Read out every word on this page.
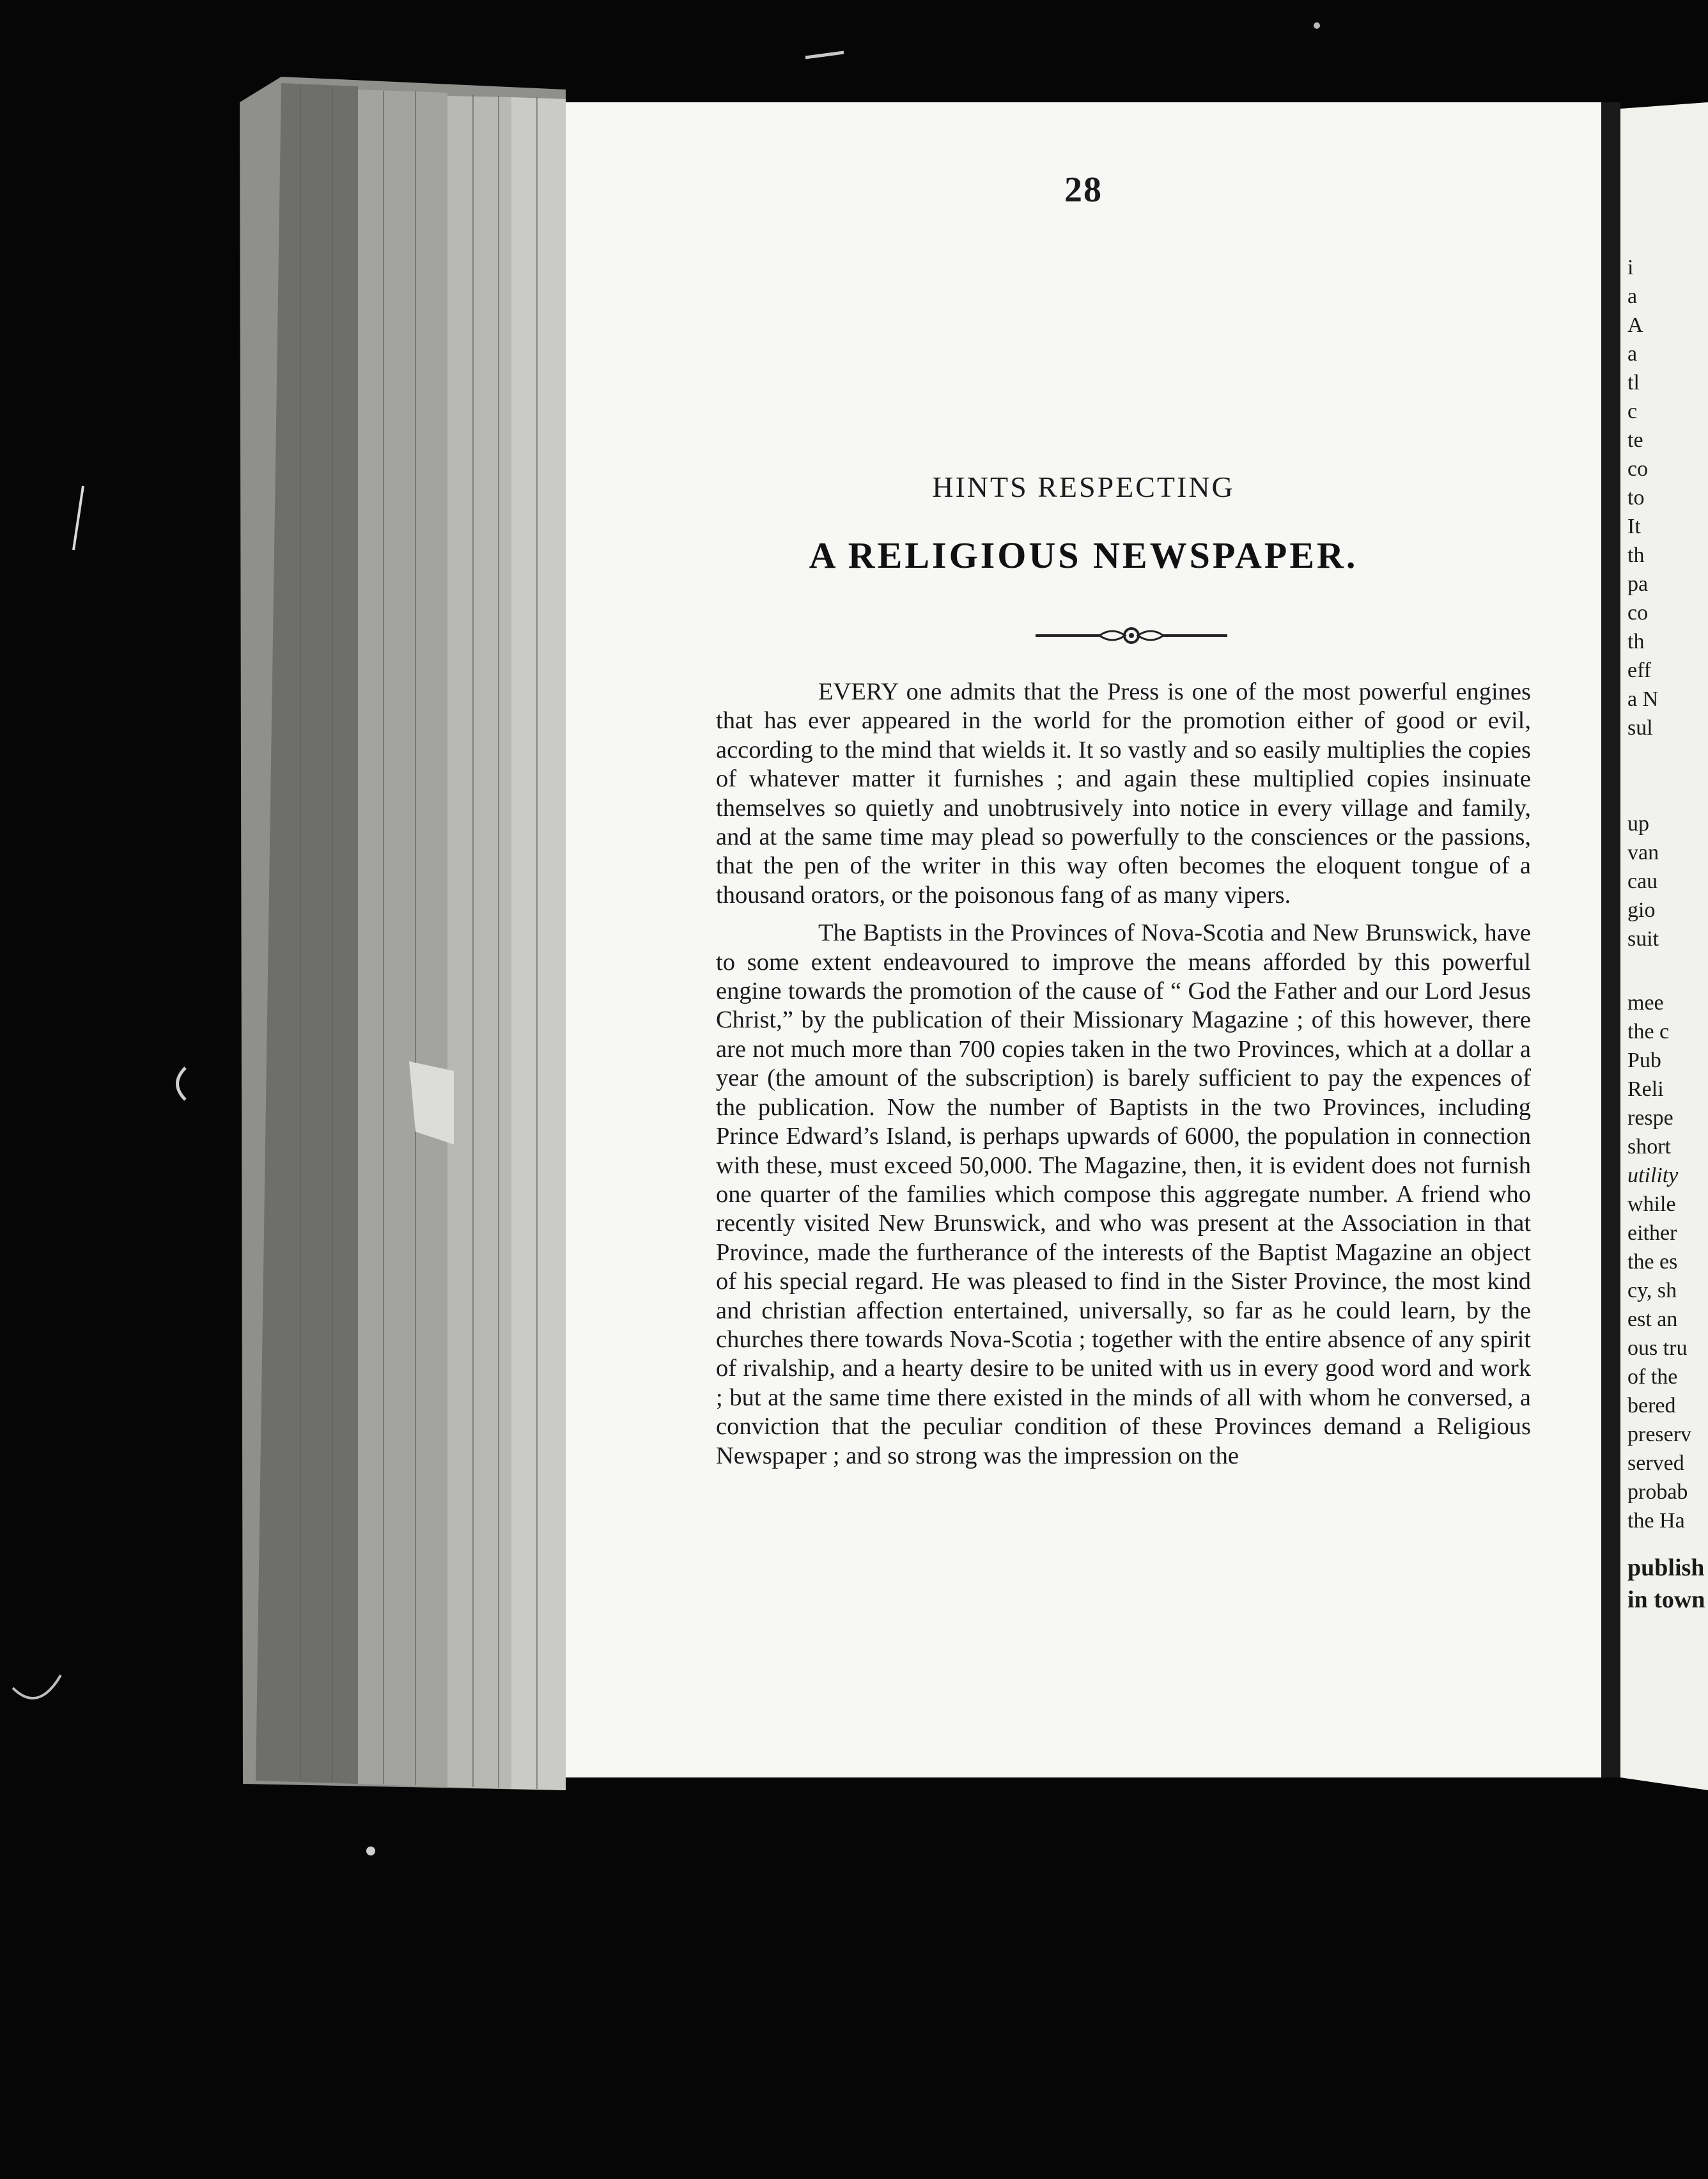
28
HINTS RESPECTING
A RELIGIOUS NEWSPAPER.

EVERY one admits that the Press is one of the most powerful engines that has ever appeared in the world for the promotion either of good or evil, according to the mind that wields it. It so vastly and so easily multiplies the copies of whatever matter it furnishes ; and again these multiplied copies insinuate themselves so quietly and unobtrusively into notice in every village and family, and at the same time may plead so powerfully to the consciences or the passions, that the pen of the writer in this way often becomes the eloquent tongue of a thousand orators, or the poisonous fang of as many vipers.

The Baptists in the Provinces of Nova-Scotia and New Brunswick, have to some extent endeavoured to improve the means afforded by this powerful engine towards the promotion of the cause of “ God the Father and our Lord Jesus Christ,” by the publication of their Missionary Magazine ; of this however, there are not much more than 700 copies taken in the two Provinces, which at a dollar a year (the amount of the subscription) is barely sufficient to pay the expences of the publication. Now the number of Baptists in the two Provinces, including Prince Edward’s Island, is perhaps upwards of 6000, the population in connection with these, must exceed 50,000. The Magazine, then, it is evident does not furnish one quarter of the families which compose this aggregate number. A friend who recently visited New Brunswick, and who was present at the Association in that Province, made the furtherance of the interests of the Baptist Magazine an object of his special regard. He was pleased to find in the Sister Province, the most kind and christian affection entertained, universally, so far as he could learn, by the churches there towards Nova-Scotia ; together with the entire absence of any spirit of rivalship, and a hearty desire to be united with us in every good word and work ; but at the same time there existed in the minds of all with whom he conversed, a conviction that the peculiar condition of these Provinces demand a Religious Newspaper ; and so strong was the impression on the

i
a
A
a
tl
c
te
co
to
It
th
pa
co
th
eff
a N
sul
up
van
cau
gio
suit
mee
the c
Pub
Reli
respe
short
utility
while
either
the es
cy, sh
est an
ous tru
of the
bered
preserv
served
probab
the Ha
publish
in town
